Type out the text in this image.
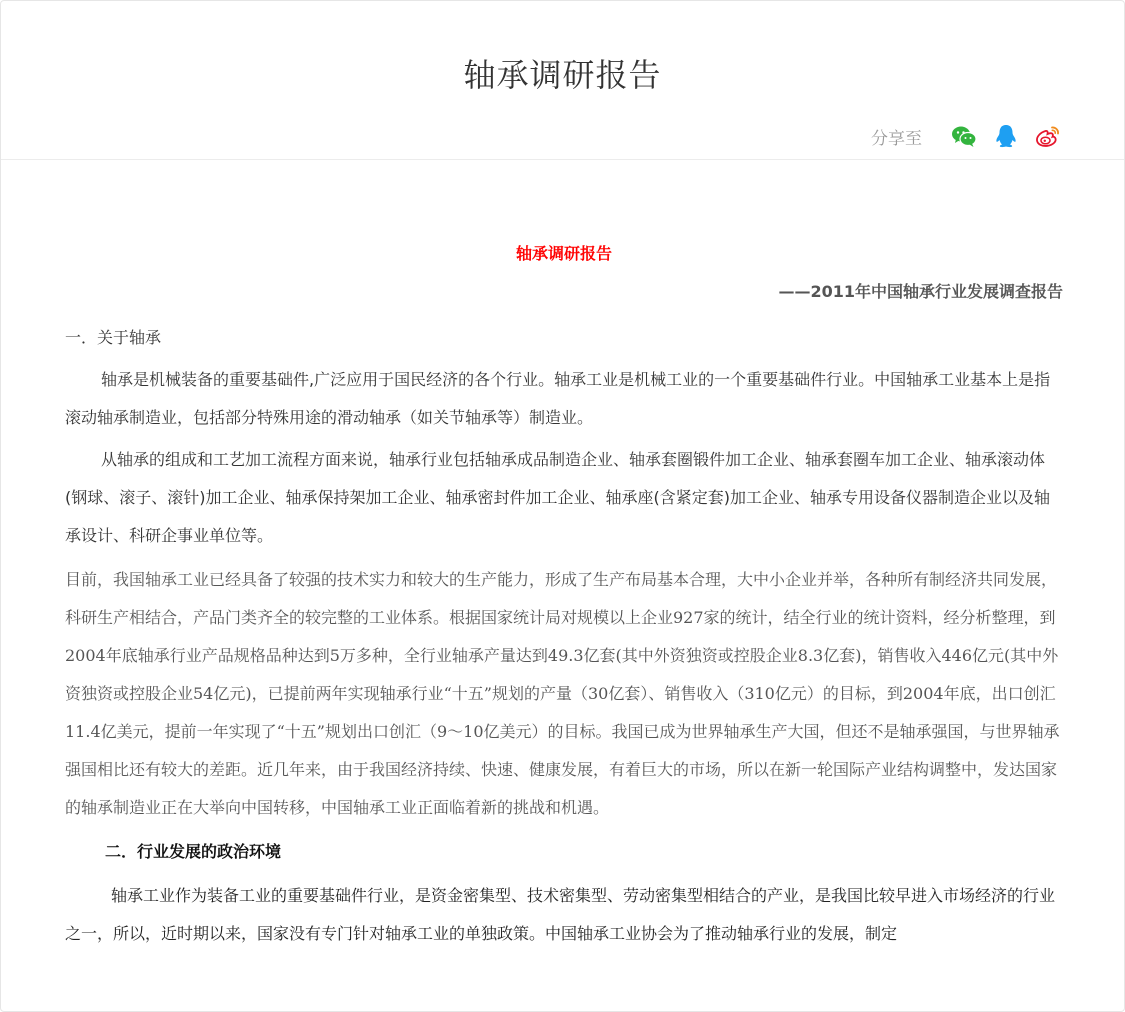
轴承调研报告
分享至
轴承调研报告
——2011年中国轴承行业发展调查报告
一．关于轴承
轴承是机械装备的重要基础件,广泛应用于国民经济的各个行业。轴承工业是机械工业的一个重要基础件行业。中国轴承工业基本上是指滚动轴承制造业，包括部分特殊用途的滑动轴承（如关节轴承等）制造业。
从轴承的组成和工艺加工流程方面来说，轴承行业包括轴承成品制造企业、轴承套圈锻件加工企业、轴承套圈车加工企业、轴承滚动体(钢球、滚子、滚针)加工企业、轴承保持架加工企业、轴承密封件加工企业、轴承座(含紧定套)加工企业、轴承专用设备仪器制造企业以及轴承设计、科研企事业单位等。
目前，我国轴承工业已经具备了较强的技术实力和较大的生产能力，形成了生产布局基本合理，大中小企业并举，各种所有制经济共同发展，科研生产相结合，产品门类齐全的较完整的工业体系。根据国家统计局对规模以上企业927家的统计，结全行业的统计资料，经分析整理，到2004年底轴承行业产品规格品种达到5万多种，全行业轴承产量达到49.3亿套(其中外资独资或控股企业8.3亿套)，销售收入446亿元(其中外资独资或控股企业54亿元)，已提前两年实现轴承行业“十五”规划的产量（30亿套）、销售收入（310亿元）的目标，到2004年底，出口创汇11.4亿美元，提前一年实现了“十五”规划出口创汇（9～10亿美元）的目标。我国已成为世界轴承生产大国，但还不是轴承强国，与世界轴承强国相比还有较大的差距。近几年来，由于我国经济持续、快速、健康发展，有着巨大的市场，所以在新一轮国际产业结构调整中，发达国家的轴承制造业正在大举向中国转移，中国轴承工业正面临着新的挑战和机遇。
二．行业发展的政治环境
轴承工业作为装备工业的重要基础件行业，是资金密集型、技术密集型、劳动密集型相结合的产业，是我国比较早进入市场经济的行业之一，所以，近时期以来，国家没有专门针对轴承工业的单独政策。中国轴承工业协会为了推动轴承行业的发展，制定
